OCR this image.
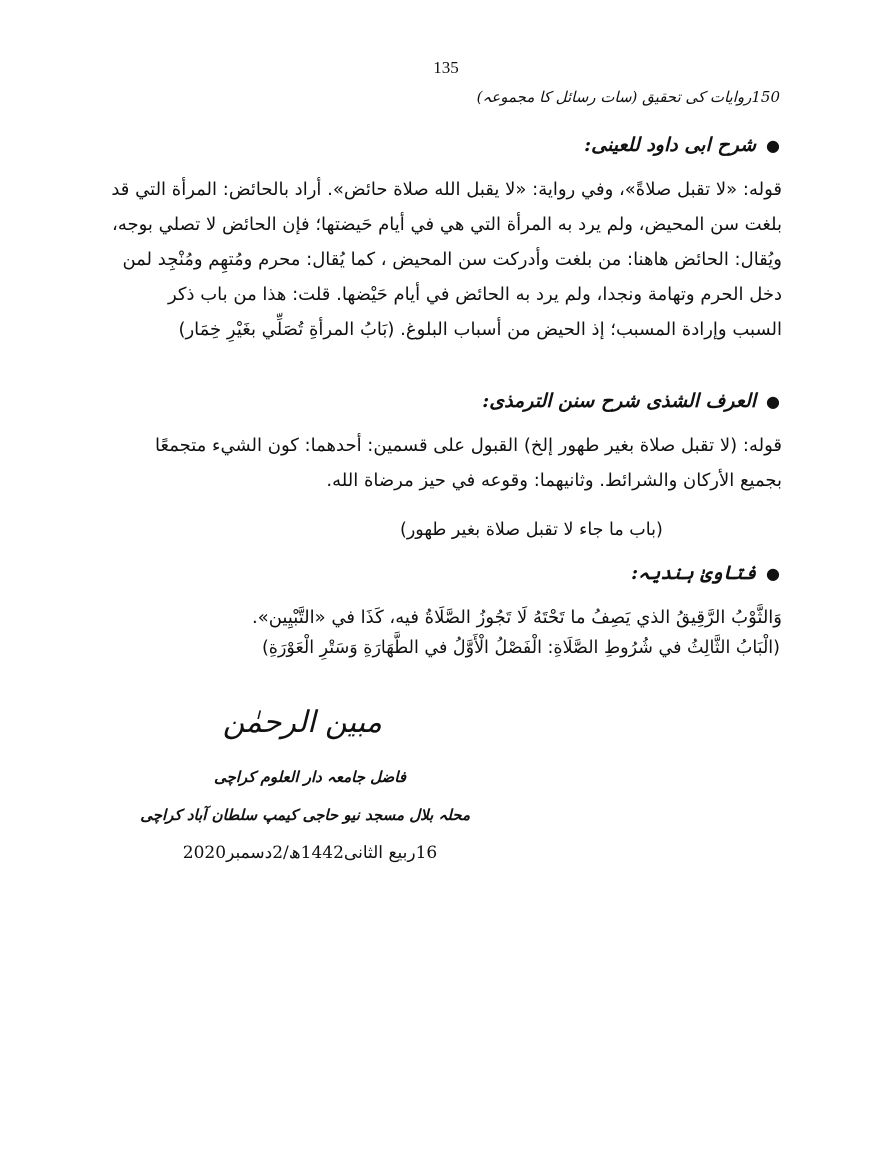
135
150روایات کی تحقیق (سات رسائل کا مجموعہ)
●شرح ابی داود للعینی:
قوله: «لا تقبل صلاةً»، وفي رواية: «لا يقبل الله صلاة حائض». أراد بالحائض: المرأة التي قد
بلغت سن المحيض، ولم يرد به المرأة التي هي في أيام حَيضتها؛ فإن الحائض لا تصلي بوجه،
ويُقال: الحائض هاهنا: من بلغت وأدركت سن المحيض ، كما يُقال: محرم ومُتهِم ومُنْجِد لمن
دخل الحرم وتهامة ونجدا، ولم يرد به الحائض في أيام حَيْضها. قلت: هذا من باب ذكر
السبب وإرادة المسبب؛ إذ الحيض من أسباب البلوغ. (بَابُ المرأةِ تُصَلِّي بغَيْرِ خِمَار)
●العرف الشذی شرح سنن الترمذی:
قوله: (لا تقبل صلاة بغير طهور إلخ) القبول على قسمين: أحدهما: كون الشيء متجمعًا
بجميع الأركان والشرائط. وثانيهما: وقوعه في حيز مرضاة الله.
(باب ما جاء لا تقبل صلاة بغير طهور)
●فتاویٰ ہندیہ:
وَالثَّوْبُ الرَّقِيقُ الذي يَصِفُ ما تَحْتَهُ لَا تَجُوزُ الصَّلَاةُ فيه، كَذَا في «التَّبْيِين».
(الْبَابُ الثَّالِثُ في شُرُوطِ الصَّلَاةِ: الْفَصْلُ الْأَوَّلُ في الطَّهَارَةِ وَسَتْرِ الْعَوْرَةِ)
مبین الرحمٰن
فاضل جامعہ دار العلوم کراچی
محلہ بلال مسجد نیو حاجی کیمپ سلطان آباد کراچی
16ربیع الثانی1442ھ/2دسمبر2020
